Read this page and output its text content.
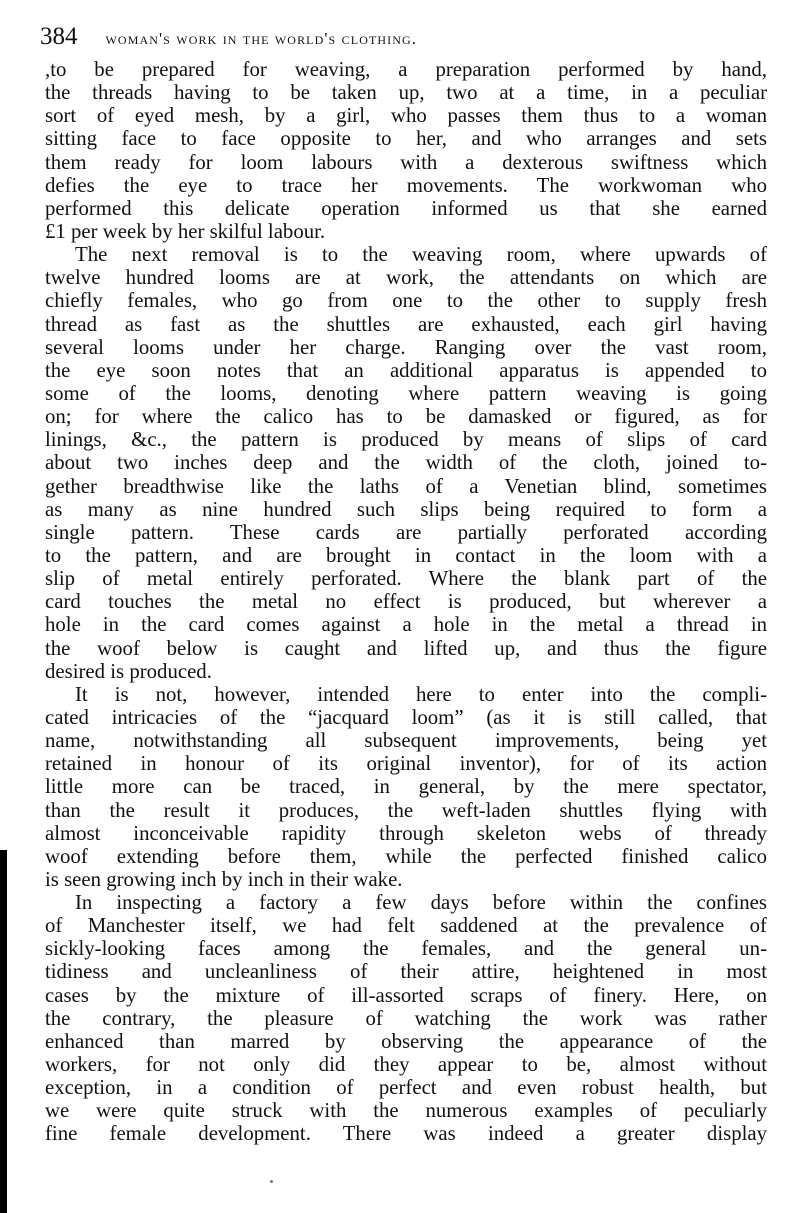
384 woman's work in the world's clothing.
,to be prepared for weaving, a preparation performed by hand,
the threads having to be taken up, two at a time, in a peculiar
sort of eyed mesh, by a girl, who passes them thus to a woman
sitting face to face opposite to her, and who arranges and sets
them ready for loom labours with a dexterous swiftness which
defies the eye to trace her movements. The workwoman who
performed this delicate operation informed us that she earned
£1 per week by her skilful labour.
The next removal is to the weaving room, where upwards of
twelve hundred looms are at work, the attendants on which are
chiefly females, who go from one to the other to supply fresh
thread as fast as the shuttles are exhausted, each girl having
several looms under her charge. Ranging over the vast room,
the eye soon notes that an additional apparatus is appended to
some of the looms, denoting where pattern weaving is going
on; for where the calico has to be damasked or figured, as for
linings, &c., the pattern is produced by means of slips of card
about two inches deep and the width of the cloth, joined to-
gether breadthwise like the laths of a Venetian blind, sometimes
as many as nine hundred such slips being required to form a
single pattern. These cards are partially perforated according
to the pattern, and are brought in contact in the loom with a
slip of metal entirely perforated. Where the blank part of the
card touches the metal no effect is produced, but wherever a
hole in the card comes against a hole in the metal a thread in
the woof below is caught and lifted up, and thus the figure
desired is produced.
It is not, however, intended here to enter into the compli-
cated intricacies of the “jacquard loom” (as it is still called, that
name, notwithstanding all subsequent improvements, being yet
retained in honour of its original inventor), for of its action
little more can be traced, in general, by the mere spectator,
than the result it produces, the weft-laden shuttles flying with
almost inconceivable rapidity through skeleton webs of thready
woof extending before them, while the perfected finished calico
is seen growing inch by inch in their wake.
In inspecting a factory a few days before within the confines
of Manchester itself, we had felt saddened at the prevalence of
sickly-looking faces among the females, and the general un-
tidiness and uncleanliness of their attire, heightened in most
cases by the mixture of ill-assorted scraps of finery. Here, on
the contrary, the pleasure of watching the work was rather
enhanced than marred by observing the appearance of the
workers, for not only did they appear to be, almost without
exception, in a condition of perfect and even robust health, but
we were quite struck with the numerous examples of peculiarly
fine female development. There was indeed a greater display
